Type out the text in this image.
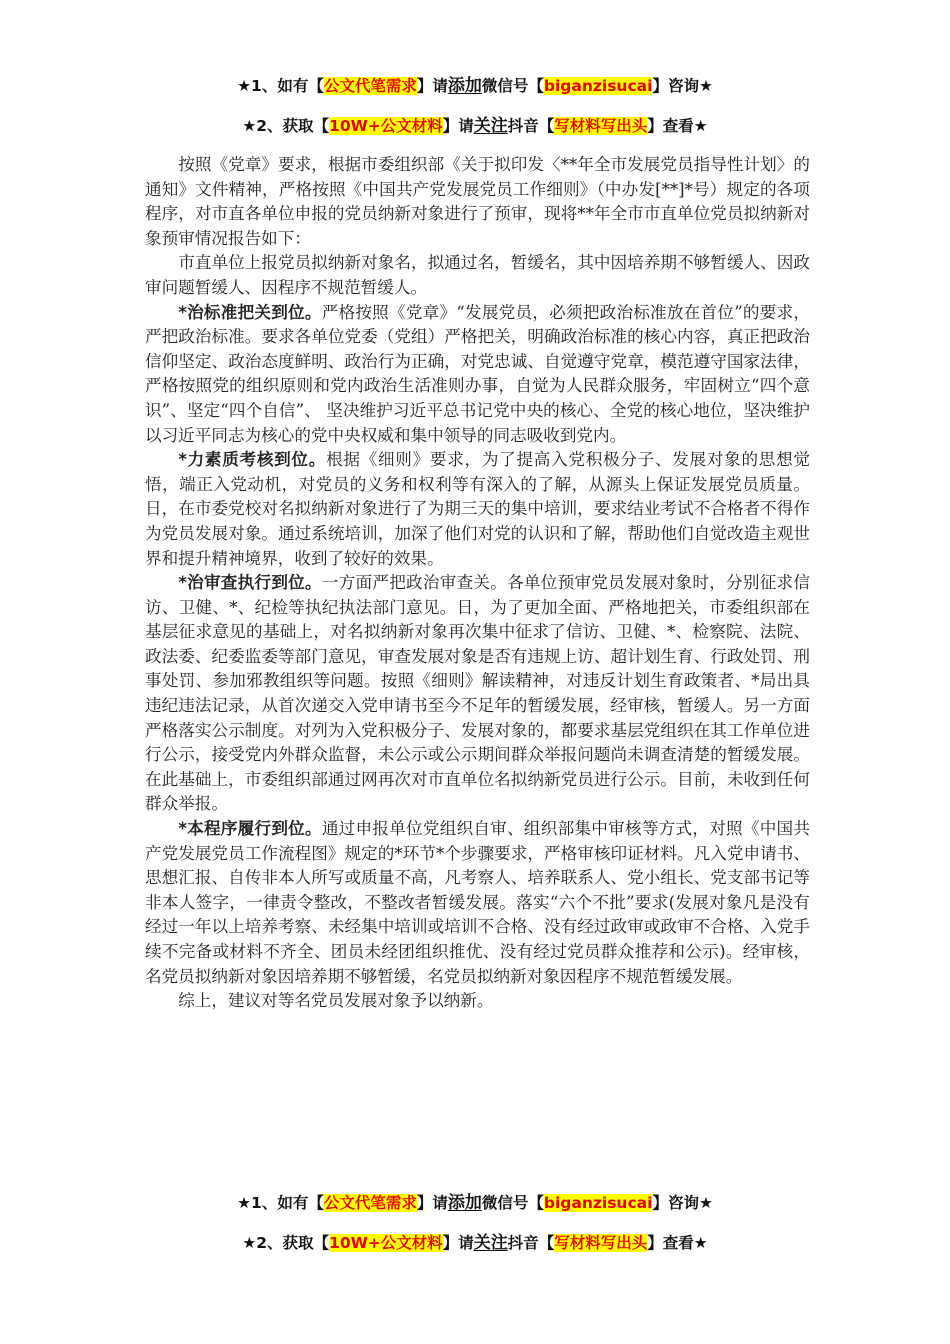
★1、如有【公文代笔需求】请添加微信号【biganzisucai】咨询★
★2、获取【10W+公文材料】请关注抖音【写材料写出头】查看★

按照《党章》要求，根据市委组织部《关于拟印发〈**年全市发展党员指导性计划〉的通知》文件精神，严格按照《中国共产党发展党员工作细则》（中办发[**]*号）规定的各项程序，对市直各单位申报的党员纳新对象进行了预审，现将**年全市市直单位党员拟纳新对象预审情况报告如下：

市直单位上报党员拟纳新对象名，拟通过名，暂缓名，其中因培养期不够暂缓人、因政审问题暂缓人、因程序不规范暂缓人。

*治标准把关到位。严格按照《党章》“发展党员，必须把政治标准放在首位”的要求，严把政治标准。要求各单位党委（党组）严格把关，明确政治标准的核心内容，真正把政治信仰坚定、政治态度鲜明、政治行为正确，对党忠诚、自觉遵守党章，模范遵守国家法律，严格按照党的组织原则和党内政治生活准则办事，自觉为人民群众服务，牢固树立“四个意识”、坚定“四个自信”、 坚决维护习近平总书记党中央的核心、全党的核心地位，坚决维护以习近平同志为核心的党中央权威和集中领导的同志吸收到党内。

*力素质考核到位。根据《细则》要求，为了提高入党积极分子、发展对象的思想觉悟，端正入党动机，对党员的义务和权利等有深入的了解，从源头上保证发展党员质量。日，在市委党校对名拟纳新对象进行了为期三天的集中培训，要求结业考试不合格者不得作为党员发展对象。通过系统培训，加深了他们对党的认识和了解，帮助他们自觉改造主观世界和提升精神境界，收到了较好的效果。

*治审查执行到位。一方面严把政治审查关。各单位预审党员发展对象时，分别征求信访、卫健、*、纪检等执纪执法部门意见。日，为了更加全面、严格地把关，市委组织部在基层征求意见的基础上，对名拟纳新对象再次集中征求了信访、卫健、*、检察院、法院、政法委、纪委监委等部门意见，审查发展对象是否有违规上访、超计划生育、行政处罚、刑事处罚、参加邪教组织等问题。按照《细则》解读精神，对违反计划生育政策者、*局出具违纪违法记录，从首次递交入党申请书至今不足年的暂缓发展，经审核，暂缓人。另一方面严格落实公示制度。对列为入党积极分子、发展对象的，都要求基层党组织在其工作单位进行公示，接受党内外群众监督，未公示或公示期间群众举报问题尚未调查清楚的暂缓发展。在此基础上，市委组织部通过网再次对市直单位名拟纳新党员进行公示。目前，未收到任何群众举报。

*本程序履行到位。通过申报单位党组织自审、组织部集中审核等方式，对照《中国共产党发展党员工作流程图》规定的*环节*个步骤要求，严格审核印证材料。凡入党申请书、思想汇报、自传非本人所写或质量不高，凡考察人、培养联系人、党小组长、党支部书记等非本人签字，一律责令整改，不整改者暂缓发展。落实“六个不批”要求(发展对象凡是没有经过一年以上培养考察、未经集中培训或培训不合格、没有经过政审或政审不合格、入党手续不完备或材料不齐全、团员未经团组织推优、没有经过党员群众推荐和公示)。经审核，名党员拟纳新对象因培养期不够暂缓，名党员拟纳新对象因程序不规范暂缓发展。

综上，建议对等名党员发展对象予以纳新。

★1、如有【公文代笔需求】请添加微信号【biganzisucai】咨询★
★2、获取【10W+公文材料】请关注抖音【写材料写出头】查看★
